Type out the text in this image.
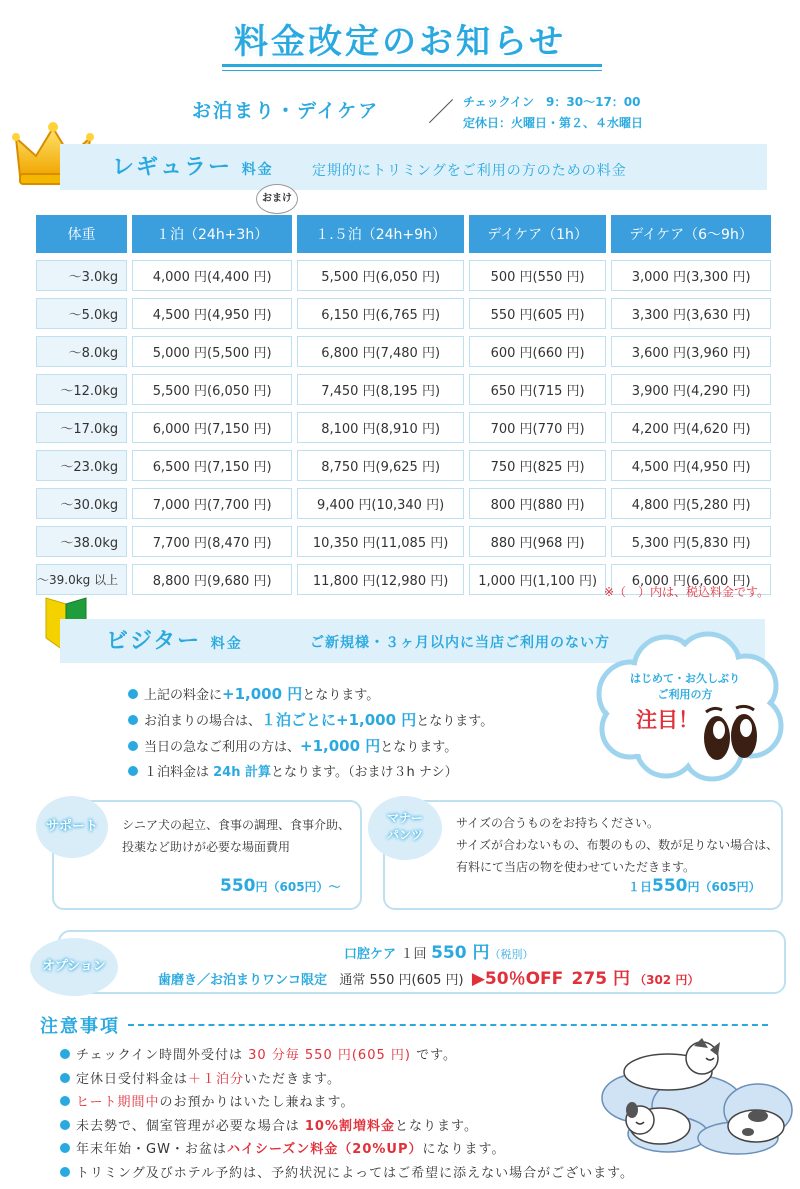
料金改定のお知らせ
お泊まり・デイケア ／ チェックイン　9：30〜17：00
定休日：火曜日・第２、４水曜日
レギュラー 料金	定期的にトリミングをご利用の方のための料金
おまけ
体重	１泊（24h+3h）	１.５泊（24h+9h）	デイケア（1h）	デイケア（6〜9h）
〜3.0kg	4,000 円(4,400 円)	5,500 円(6,050 円)	500 円(550 円)	3,000 円(3,300 円)
〜5.0kg	4,500 円(4,950 円)	6,150 円(6,765 円)	550 円(605 円)	3,300 円(3,630 円)
〜8.0kg	5,000 円(5,500 円)	6,800 円(7,480 円)	600 円(660 円)	3,600 円(3,960 円)
〜12.0kg	5,500 円(6,050 円)	7,450 円(8,195 円)	650 円(715 円)	3,900 円(4,290 円)
〜17.0kg	6,000 円(7,150 円)	8,100 円(8,910 円)	700 円(770 円)	4,200 円(4,620 円)
〜23.0kg	6,500 円(7,150 円)	8,750 円(9,625 円)	750 円(825 円)	4,500 円(4,950 円)
〜30.0kg	7,000 円(7,700 円)	9,400 円(10,340 円)	800 円(880 円)	4,800 円(5,280 円)
〜38.0kg	7,700 円(8,470 円)	10,350 円(11,085 円)	880 円(968 円)	5,300 円(5,830 円)
〜39.0kg 以上	8,800 円(9,680 円)	11,800 円(12,980 円)	1,000 円(1,100 円)	6,000 円(6,600 円)
※（　）内は、税込料金です。
ビジター 料金	ご新規様・３ヶ月以内に当店ご利用のない方
上記の料金に+1,000 円となります。
お泊まりの場合は、１泊ごとに+1,000 円となります。
当日の急なご利用の方は、+1,000 円となります。
１泊料金は 24h 計算となります。（おまけ３h ナシ）
はじめて・お久しぶり
ご利用の方
注目！
サポート	シニア犬の起立、食事の調理、食事介助、
投薬など助けが必要な場面費用
550円（605円）〜
マナー
パンツ
サイズの合うものをお持ちください。
サイズが合わないもの、布製のもの、数が足りない場合は、
有料にて当店の物を使わせていただきます。
１日550円（605円）
オプション
口腔ケア １回 550 円（税別）
歯磨き／お泊まりワンコ限定 通常 550 円(605 円) ▶50％OFF 275 円 （302 円）
注意事項
チェックイン時間外受付は 30 分毎 550 円(605 円) です。
定休日受付料金は＋１泊分いただきます。
ヒート期間中のお預かりはいたし兼ねます。
未去勢で、個室管理が必要な場合は 10%割増料金となります。
年末年始・GW・お盆はハイシーズン料金（20%UP）になります。
トリミング及びホテル予約は、予約状況によってはご希望に添えない場合がございます。
